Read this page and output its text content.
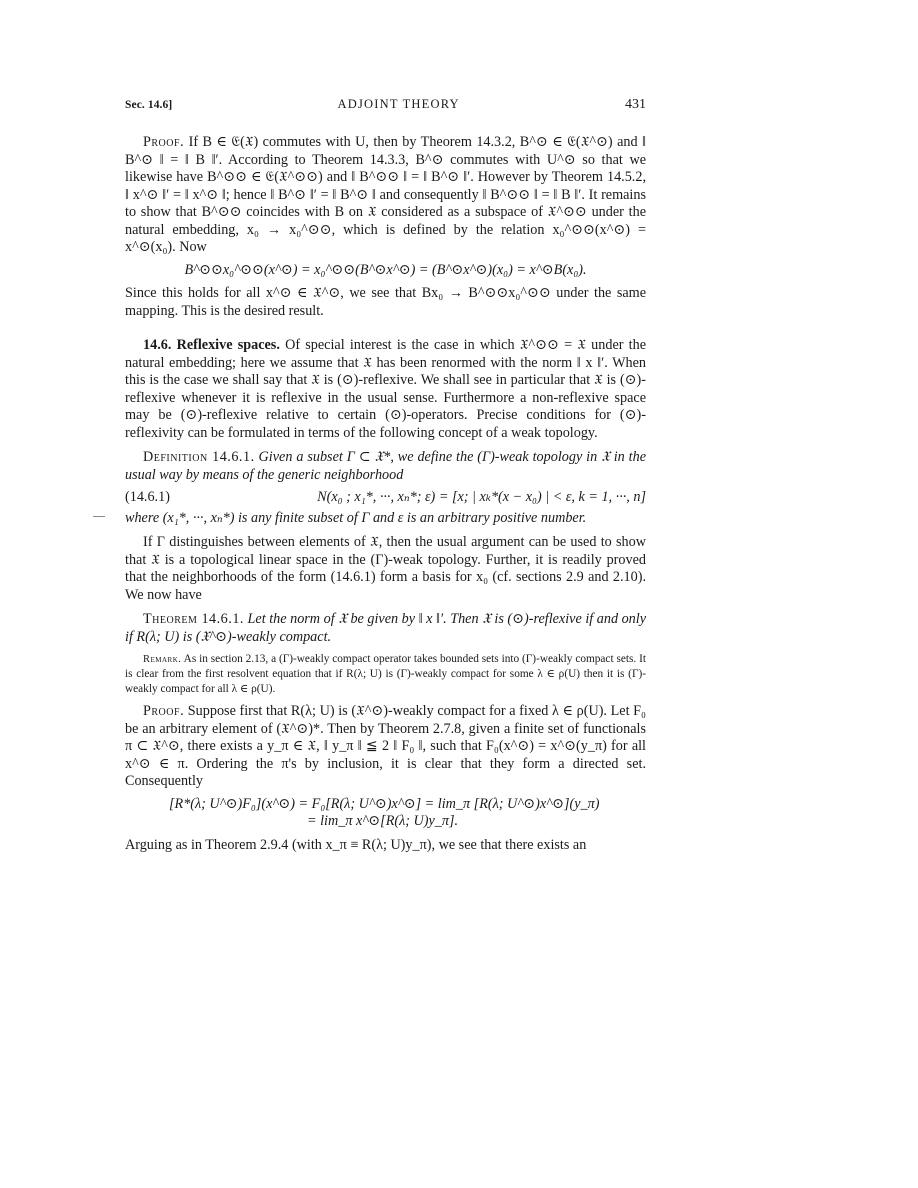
Sec. 14.6]	ADJOINT THEORY	431

Proof. If B ∈ 𝔈(𝔛) commutes with U, then by Theorem 14.3.2, B^⊙ ∈ 𝔈(𝔛^⊙) and ‖ B^⊙ ‖ = ‖ B ‖′. According to Theorem 14.3.3, B^⊙ commutes with U^⊙ so that we likewise have B^⊙⊙ ∈ 𝔈(𝔛^⊙⊙) and ‖ B^⊙⊙ ‖ = ‖ B^⊙ ‖′. However by Theorem 14.5.2, ‖ x^⊙ ‖′ = ‖ x^⊙ ‖; hence ‖ B^⊙ ‖′ = ‖ B^⊙ ‖ and consequently ‖ B^⊙⊙ ‖ = ‖ B ‖′. It remains to show that B^⊙⊙ coincides with B on 𝔛 considered as a subspace of 𝔛^⊙⊙ under the natural embedding, x₀ → x₀^⊙⊙, which is defined by the relation x₀^⊙⊙(x^⊙) = x^⊙(x₀). Now

B^⊙⊙x₀^⊙⊙(x^⊙) = x₀^⊙⊙(B^⊙x^⊙) = (B^⊙x^⊙)(x₀) = x^⊙B(x₀).

Since this holds for all x^⊙ ∈ 𝔛^⊙, we see that Bx₀ → B^⊙⊙x₀^⊙⊙ under the same mapping. This is the desired result.

14.6. Reflexive spaces. Of special interest is the case in which 𝔛^⊙⊙ = 𝔛 under the natural embedding; here we assume that 𝔛 has been renormed with the norm ‖ x ‖′. When this is the case we shall say that 𝔛 is (⊙)-reflexive. We shall see in particular that 𝔛 is (⊙)-reflexive whenever it is reflexive in the usual sense. Furthermore a non-reflexive space may be (⊙)-reflexive relative to certain (⊙)-operators. Precise conditions for (⊙)-reflexivity can be formulated in terms of the following concept of a weak topology.

Definition 14.6.1. Given a subset Γ ⊂ 𝔛*, we define the (Γ)-weak topology in 𝔛 in the usual way by means of the generic neighborhood

(14.6.1)	N(x₀ ; x₁*, ···, xₙ*; ε) = [x; | xₖ*(x − x₀) | < ε, k = 1, ···, n]

where (x₁*, ···, xₙ*) is any finite subset of Γ and ε is an arbitrary positive number.

If Γ distinguishes between elements of 𝔛, then the usual argument can be used to show that 𝔛 is a topological linear space in the (Γ)-weak topology. Further, it is readily proved that the neighborhoods of the form (14.6.1) form a basis for x₀ (cf. sections 2.9 and 2.10). We now have

Theorem 14.6.1. Let the norm of 𝔛 be given by ‖ x ‖′. Then 𝔛 is (⊙)-reflexive if and only if R(λ; U) is (𝔛^⊙)-weakly compact.

Remark. As in section 2.13, a (Γ)-weakly compact operator takes bounded sets into (Γ)-weakly compact sets. It is clear from the first resolvent equation that if R(λ; U) is (Γ)-weakly compact for some λ ∈ ρ(U) then it is (Γ)-weakly compact for all λ ∈ ρ(U).

Proof. Suppose first that R(λ; U) is (𝔛^⊙)-weakly compact for a fixed λ ∈ ρ(U). Let F₀ be an arbitrary element of (𝔛^⊙)*. Then by Theorem 2.7.8, given a finite set of functionals π ⊂ 𝔛^⊙, there exists a y_π ∈ 𝔛, ‖ y_π ‖ ≦ 2 ‖ F₀ ‖, such that F₀(x^⊙) = x^⊙(y_π) for all x^⊙ ∈ π. Ordering the π's by inclusion, it is clear that they form a directed set. Consequently

[R*(λ; U^⊙)F₀](x^⊙) = F₀[R(λ; U^⊙)x^⊙] = lim_π [R(λ; U^⊙)x^⊙](y_π)
= lim_π x^⊙[R(λ; U)y_π].

Arguing as in Theorem 2.9.4 (with x_π ≡ R(λ; U)y_π), we see that there exists an
